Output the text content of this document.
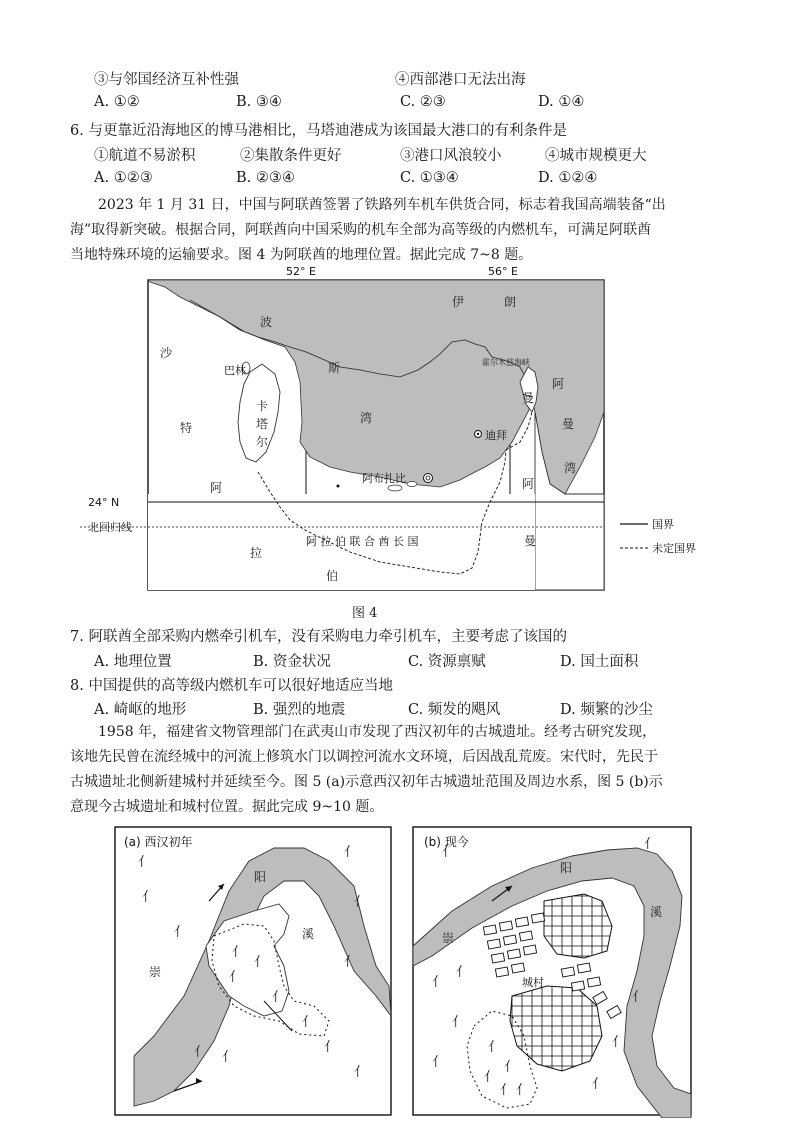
③与邻国经济互补性强	④西部港口无法出海
A. ①②	B. ③④	C. ②③	D. ①④
6. 与更靠近沿海地区的博马港相比，马塔迪港成为该国最大港口的有利条件是
①航道不易淤积	②集散条件更好	③港口风浪较小	④城市规模更大
A. ①②③	B. ②③④	C. ①③④	D. ①②④
2023 年 1 月 31 日，中国与阿联酋签署了铁路列车机车供货合同，标志着我国高端装备“出
海”取得新突破。根据合同，阿联酋向中国采购的机车全部为高等级的内燃机车，可满足阿联酋
当地特殊环境的运输要求。图 4 为阿联酋的地理位置。据此完成 7~8 题。
52° E	56° E
24° N
北回归线
迪拜
阿布扎比
波
斯
湾
伊	朗
沙
特
巴林
卡
塔
尔
霍尔木兹海峡
阿
曼
湾
阿
拉
伯
阿 拉 伯 联 合 酋 长 国
阿
曼
曼
国界
未定国界
图 4
7. 阿联酋全部采购内燃牵引机车，没有采购电力牵引机车，主要考虑了该国的
A. 地理位置	B. 资金状况	C. 资源禀赋	D. 国土面积
8. 中国提供的高等级内燃机车可以很好地适应当地
A. 崎岖的地形	B. 强烈的地震	C. 频发的飓风	D. 频繁的沙尘
1958 年，福建省文物管理部门在武夷山市发现了西汉初年的古城遗址。经考古研究发现，
该地先民曾在流经城中的河流上修筑水门以调控河流水文环境，后因战乱荒废。宋代时，先民于
古城遗址北侧新建城村并延续至今。图 5 (a)示意西汉初年古城遗址范围及周边水系，图 5 (b)示
意现今古城遗址和城村位置。据此完成 9~10 题。
(a) 西汉初年
崇
阳
溪
⺅
⺅
⺅
⺅
⺅
⺅
⺅
⺅
⺅
⺅
⺅
⺅
⺅
⺅
⺅
(b) 现今
城村
崇
阳
溪
⺅
⺅
⺅
⺅
⺅
⺅
⺅
⺅
⺅
⺅
⺅
⺅ ⺅
⺅
